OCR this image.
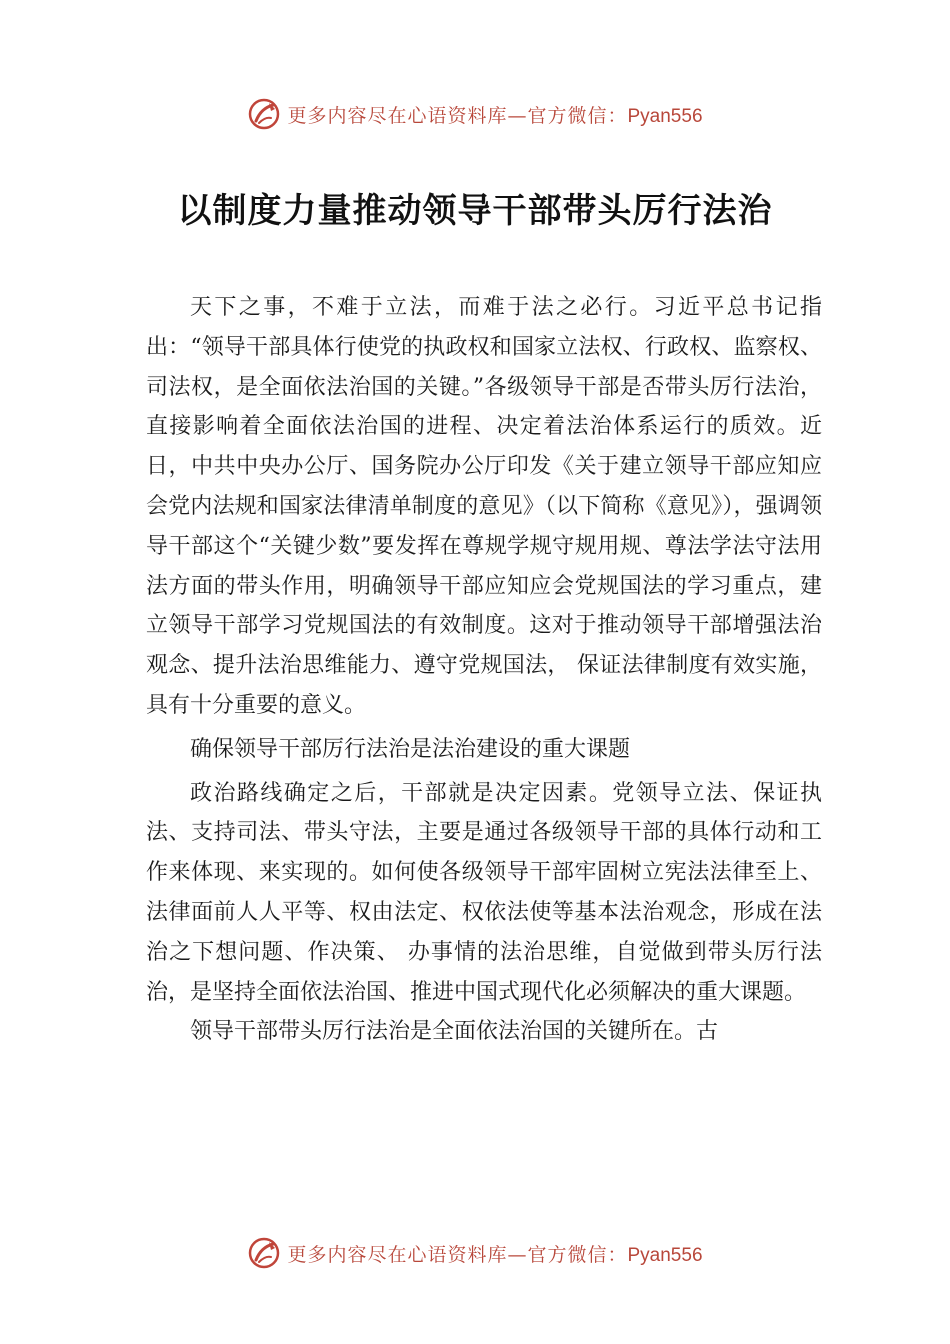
更多内容尽在心语资料库—官方微信：Pyan556
以制度力量推动领导干部带头厉行法治

天下之事，不难于立法，而难于法之必行。习近平总书记指出：“领导干部具体行使党的执政权和国家立法权、行政权、监察权、司法权，是全面依法治国的关键。”各级领导干部是否带头厉行法治，直接影响着全面依法治国的进程、决定着法治体系运行的质效。近日，中共中央办公厅、国务院办公厅印发《关于建立领导干部应知应会党内法规和国家法律清单制度的意见》（以下简称《意见》），强调领导干部这个“关键少数”要发挥在尊规学规守规用规、尊法学法守法用法方面的带头作用，明确领导干部应知应会党规国法的学习重点，建立领导干部学习党规国法的有效制度。这对于推动领导干部增强法治观念、提升法治思维能力、遵守党规国法， 保证法律制度有效实施，具有十分重要的意义。

确保领导干部厉行法治是法治建设的重大课题

政治路线确定之后，干部就是决定因素。党领导立法、保证执法、支持司法、带头守法，主要是通过各级领导干部的具体行动和工作来体现、来实现的。如何使各级领导干部牢固树立宪法法律至上、法律面前人人平等、权由法定、权依法使等基本法治观念，形成在法治之下想问题、作决策、 办事情的法治思维，自觉做到带头厉行法治，是坚持全面依法治国、推进中国式现代化必须解决的重大课题。

领导干部带头厉行法治是全面依法治国的关键所在。古

更多内容尽在心语资料库—官方微信：Pyan556
